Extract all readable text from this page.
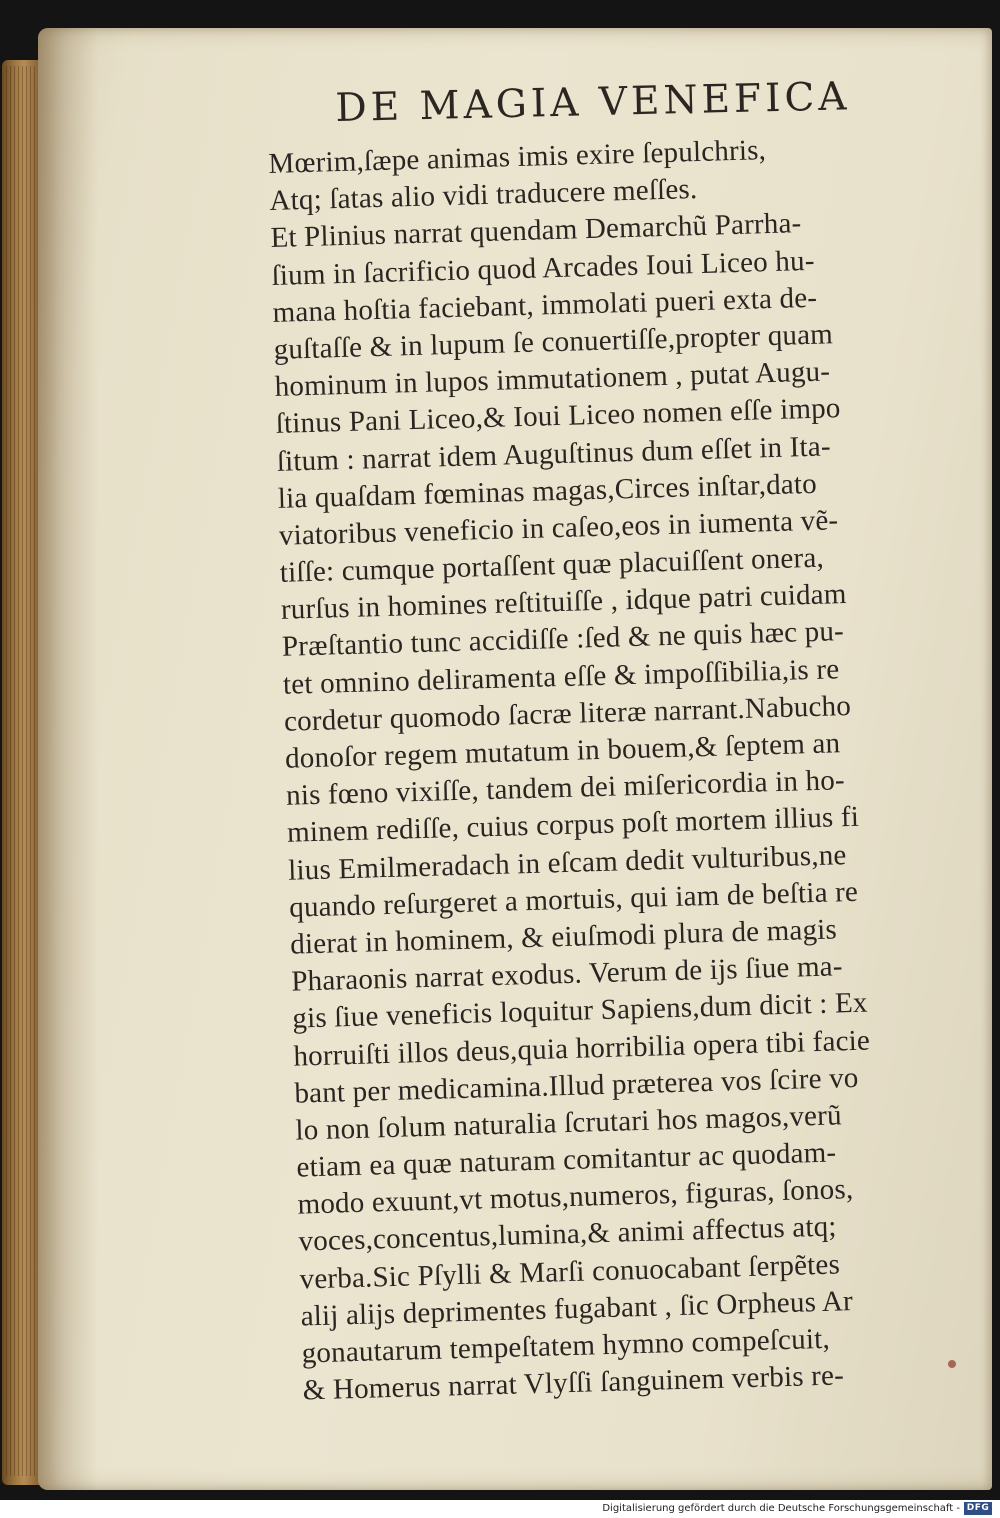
DE MAGIA VENEFICA
Mœrim,ſæpe animas imis exire ſepulchris,
Atq; ſatas alio vidi traducere meſſes.
Et Plinius narrat quendam Demarchũ Parrha-
ſium in ſacrificio quod Arcades Ioui Liceo hu-
mana hoſtia faciebant, immolati pueri exta de-
guſtaſſe & in lupum ſe conuertiſſe,propter quam
hominum in lupos immutationem , putat Augu-
ſtinus Pani Liceo,& Ioui Liceo nomen eſſe impo
ſitum : narrat idem Auguſtinus dum eſſet in Ita-
lia quaſdam fœminas magas,Circes inſtar,dato
viatoribus veneficio in caſeo,eos in iumenta vẽ-
tiſſe: cumque portaſſent quæ placuiſſent onera,
rurſus in homines reſtituiſſe , idque patri cuidam
Præſtantio tunc accidiſſe :ſed & ne quis hæc pu-
tet omnino deliramenta eſſe & impoſſibilia,is re
cordetur quomodo ſacræ literæ narrant.Nabucho
donoſor regem mutatum in bouem,& ſeptem an
nis fœno vixiſſe, tandem dei miſericordia in ho-
minem rediſſe, cuius corpus poſt mortem illius fi
lius Emilmeradach in eſcam dedit vulturibus,ne
quando reſurgeret a mortuis, qui iam de beſtia re
dierat in hominem, & eiuſmodi plura de magis
Pharaonis narrat exodus. Verum de ijs ſiue ma-
gis ſiue veneficis loquitur Sapiens,dum dicit : Ex
horruiſti illos deus,quia horribilia opera tibi facie
bant per medicamina.Illud præterea vos ſcire vo
lo non ſolum naturalia ſcrutari hos magos,verũ
etiam ea quæ naturam comitantur ac quodam-
modo exuunt,vt motus,numeros, figuras, ſonos,
voces,concentus,lumina,& animi affectus atq;
verba.Sic Pſylli & Marſi conuocabant ſerpẽtes
alij alijs deprimentes fugabant , ſic Orpheus Ar
gonautarum tempeſtatem hymno compeſcuit,
& Homerus narrat Vlyſſi ſanguinem verbis re-
Digitalisierung gefördert durch die Deutsche Forschungsgemeinschaft - DFG
